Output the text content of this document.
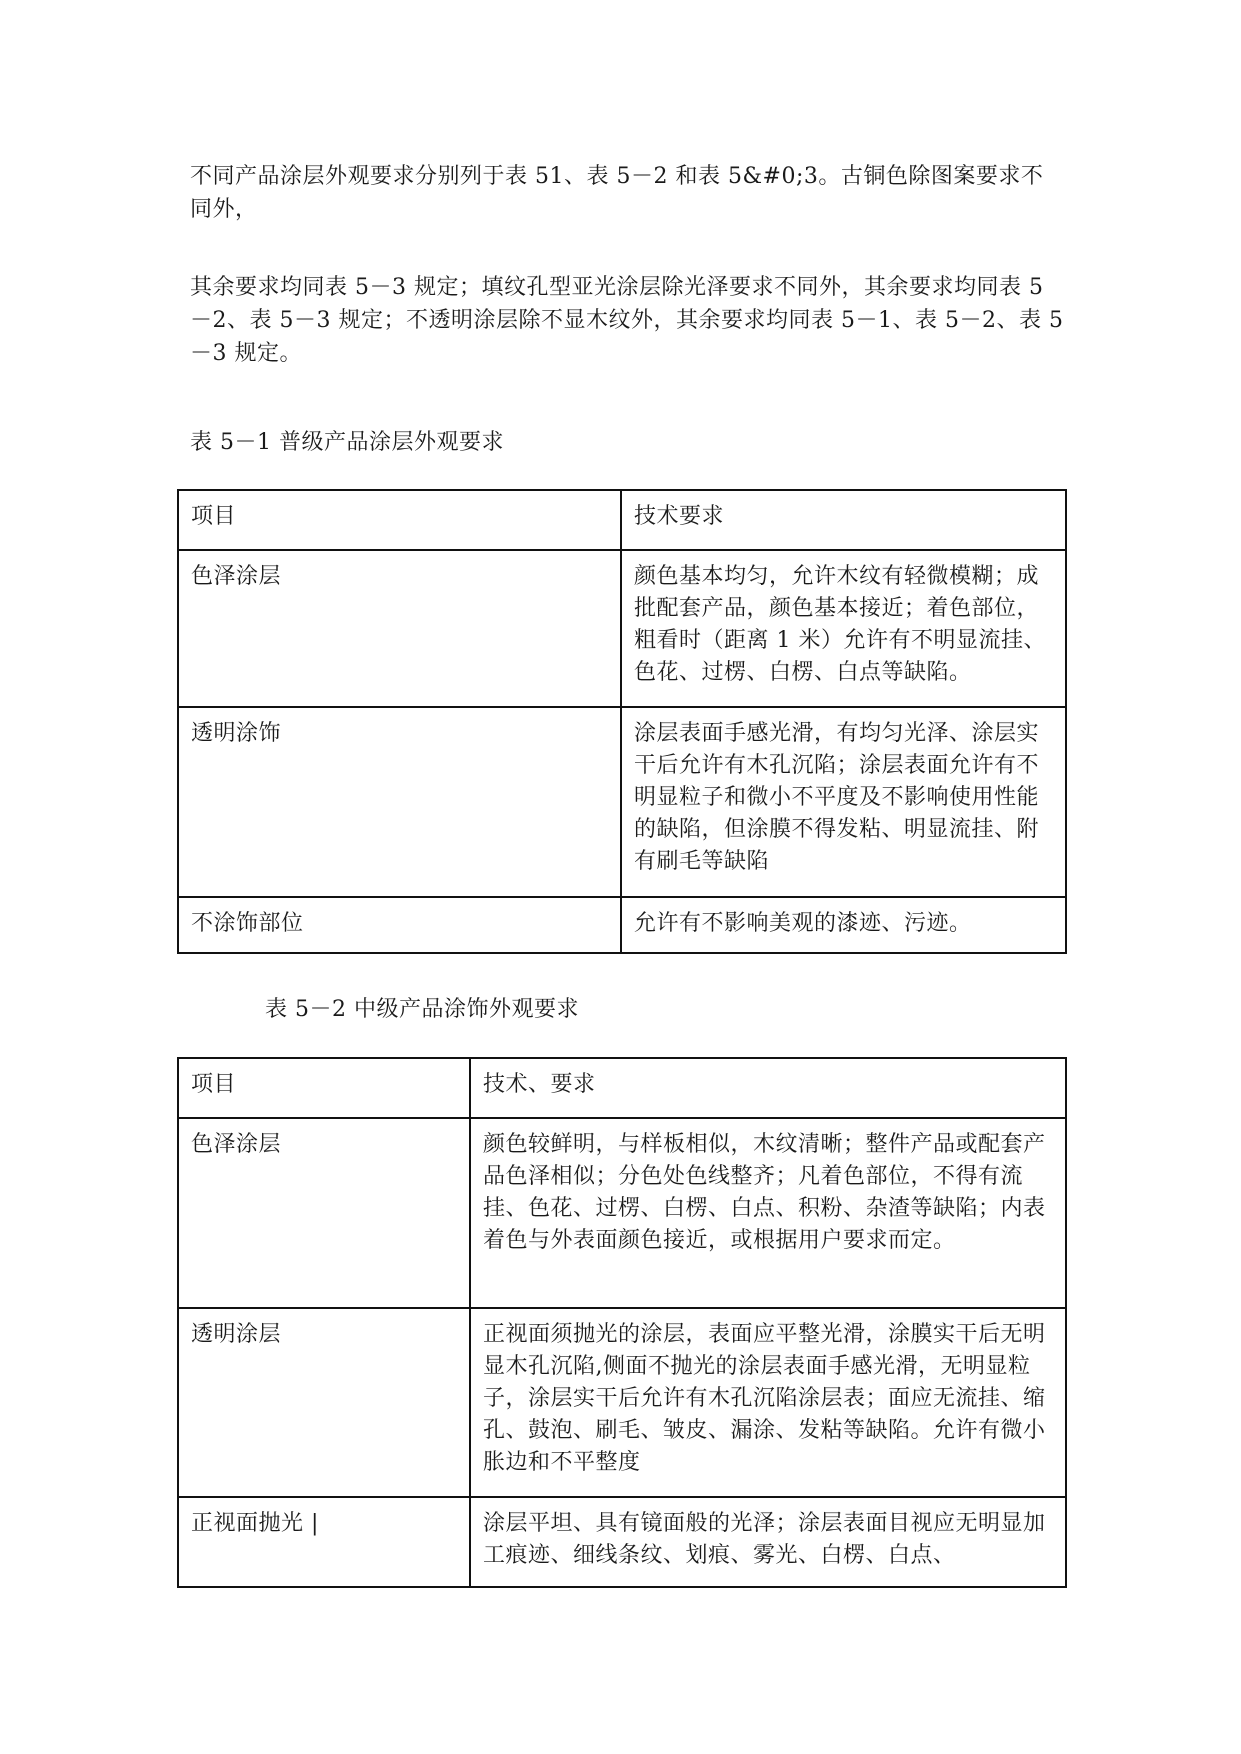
不同产品涂层外观要求分别列于表 51、表 5－2 和表 5&#0;3。古铜色除图案要求不同外，

其余要求均同表 5－3 规定；填纹孔型亚光涂层除光泽要求不同外，其余要求均同表 5－2、表 5－3 规定；不透明涂层除不显木纹外，其余要求均同表 5－1、表 5－2、表 5－3 规定。

表 5－1 普级产品涂层外观要求

项目	技术要求
色泽涂层	颜色基本均匀，允许木纹有轻微模糊；成批配套产品，颜色基本接近；着色部位，粗看时（距离 1 米）允许有不明显流挂、色花、过楞、白楞、白点等缺陷。
透明涂饰	涂层表面手感光滑，有均匀光泽、涂层实干后允许有木孔沉陷；涂层表面允许有不明显粒子和微小不平度及不影响使用性能的缺陷，但涂膜不得发粘、明显流挂、附有刷毛等缺陷
不涂饰部位	允许有不影响美观的漆迹、污迹。

表 5－2 中级产品涂饰外观要求

项目	技术、要求
色泽涂层	颜色较鲜明，与样板相似，木纹清晰；整件产品或配套产品色泽相似；分色处色线整齐；凡着色部位，不得有流挂、色花、过楞、白楞、白点、积粉、杂渣等缺陷；内表着色与外表面颜色接近，或根据用户要求而定。
透明涂层	正视面须抛光的涂层，表面应平整光滑，涂膜实干后无明显木孔沉陷,侧面不抛光的涂层表面手感光滑，无明显粒子，涂层实干后允许有木孔沉陷涂层表；面应无流挂、缩孔、鼓泡、刷毛、皱皮、漏涂、发粘等缺陷。允许有微小胀边和不平整度
正视面抛光 |	涂层平坦、具有镜面般的光泽；涂层表面目视应无明显加工痕迹、细线条纹、划痕、雾光、白楞、白点、
